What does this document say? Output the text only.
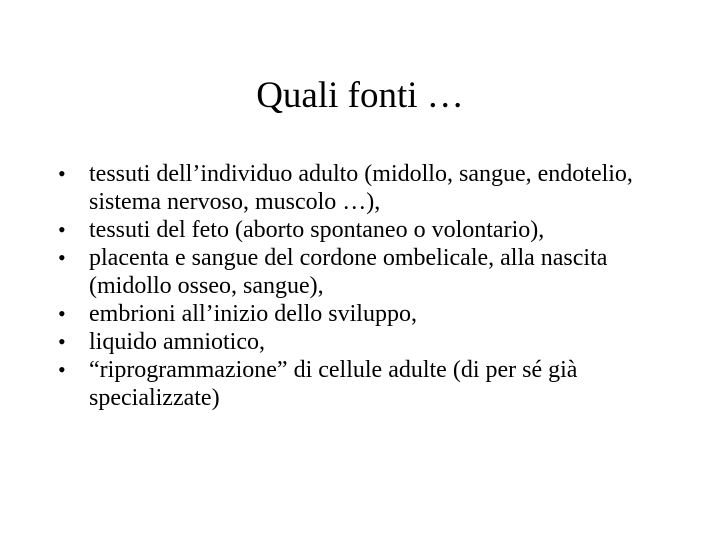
Quali fonti …
• tessuti dell’individuo adulto (midollo, sangue, endotelio, sistema nervoso, muscolo …),
• tessuti del feto (aborto spontaneo o volontario),
• placenta e sangue del cordone ombelicale, alla nascita (midollo osseo, sangue),
• embrioni all’inizio dello sviluppo,
• liquido amniotico,
• “riprogrammazione” di cellule adulte (di per sé già specializzate)
